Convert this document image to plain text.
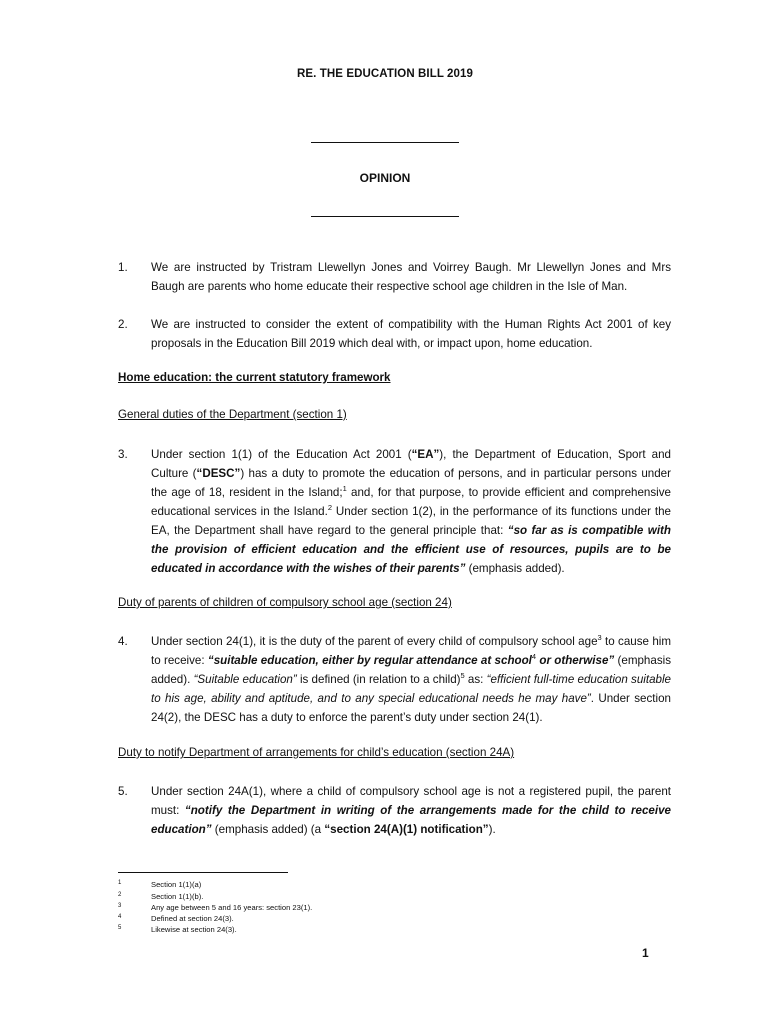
RE. THE EDUCATION BILL 2019
OPINION
1.	We are instructed by Tristram Llewellyn Jones and Voirrey Baugh. Mr Llewellyn Jones and Mrs Baugh are parents who home educate their respective school age children in the Isle of Man.
2.	We are instructed to consider the extent of compatibility with the Human Rights Act 2001 of key proposals in the Education Bill 2019 which deal with, or impact upon, home education.
Home education: the current statutory framework
General duties of the Department (section 1)
3.	Under section 1(1) of the Education Act 2001 (“EA”), the Department of Education, Sport and Culture (“DESC”) has a duty to promote the education of persons, and in particular persons under the age of 18, resident in the Island;$^1$ and, for that purpose, to provide efficient and comprehensive educational services in the Island.$^2$ Under section 1(2), in the performance of its functions under the EA, the Department shall have regard to the general principle that: “so far as is compatible with the provision of efficient education and the efficient use of resources, pupils are to be educated in accordance with the wishes of their parents” (emphasis added).
Duty of parents of children of compulsory school age (section 24)
4.	Under section 24(1), it is the duty of the parent of every child of compulsory school age$^3$ to cause him to receive: “suitable education, either by regular attendance at school$^4$ or otherwise” (emphasis added). “Suitable education” is defined (in relation to a child)$^5$ as: “efficient full-time education suitable to his age, ability and aptitude, and to any special educational needs he may have”. Under section 24(2), the DESC has a duty to enforce the parent’s duty under section 24(1).
Duty to notify Department of arrangements for child’s education (section 24A)
5.	Under section 24A(1), where a child of compulsory school age is not a registered pupil, the parent must: “notify the Department in writing of the arrangements made for the child to receive education” (emphasis added) (a “section 24(A)(1) notification”).
1	Section 1(1)(a)
2	Section 1(1)(b).
3	Any age between 5 and 16 years: section 23(1).
4	Defined at section 24(3).
5	Likewise at section 24(3).
1
